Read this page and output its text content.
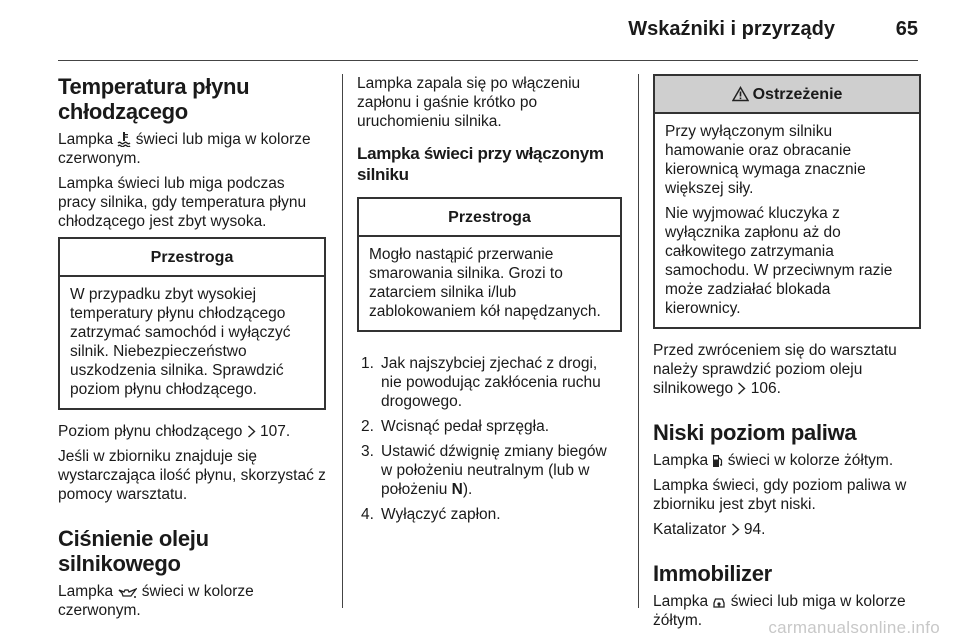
Wskaźniki i przyrządy	65
Temperatura płynu
chłodzącego

Lampka świeci lub miga w kolorze czerwonym.

Lampka świeci lub miga podczas pracy silnika, gdy temperatura płynu chłodzącego jest zbyt wysoka.

Przestroga

W przypadku zbyt wysokiej temperatury płynu chłodzącego zatrzymać samochód i wyłączyć silnik. Niebezpieczeństwo uszkodzenia silnika. Sprawdzić poziom płynu chłodzącego.

Poziom płynu chłodzącego 107.

Jeśli w zbiorniku znajduje się wystarczająca ilość płynu, skorzystać z pomocy warsztatu.

Ciśnienie oleju silnikowego

Lampka świeci w kolorze czerwonym.

Lampka zapala się po włączeniu zapłonu i gaśnie krótko po uruchomieniu silnika.

Lampka świeci przy włączonym
silniku
Przestroga

Mogło nastąpić przerwanie smarowania silnika. Grozi to zatarciem silnika i/lub zablokowaniem kół napędzanych.

1. Jak najszybciej zjechać z drogi, nie powodując zakłócenia ruchu drogowego.
2. Wcisnąć pedał sprzęgła.
3. Ustawić dźwignię zmiany biegów w położeniu neutralnym (lub w położeniu N).
4. Wyłączyć zapłon.
Ostrzeżenie

Przy wyłączonym silniku hamowanie oraz obracanie kierownicą wymaga znacznie większej siły.

Nie wyjmować kluczyka z wyłącznika zapłonu aż do całkowitego zatrzymania samochodu. W przeciwnym razie może zadziałać blokada kierownicy.

Przed zwróceniem się do warsztatu należy sprawdzić poziom oleju silnikowego 106.

Niski poziom paliwa

Lampka świeci w kolorze żółtym.

Lampka świeci, gdy poziom paliwa w zbiorniku jest zbyt niski.

Katalizator 94.

Immobilizer

Lampka świeci lub miga w kolorze żółtym.	carmanualsonline.info
